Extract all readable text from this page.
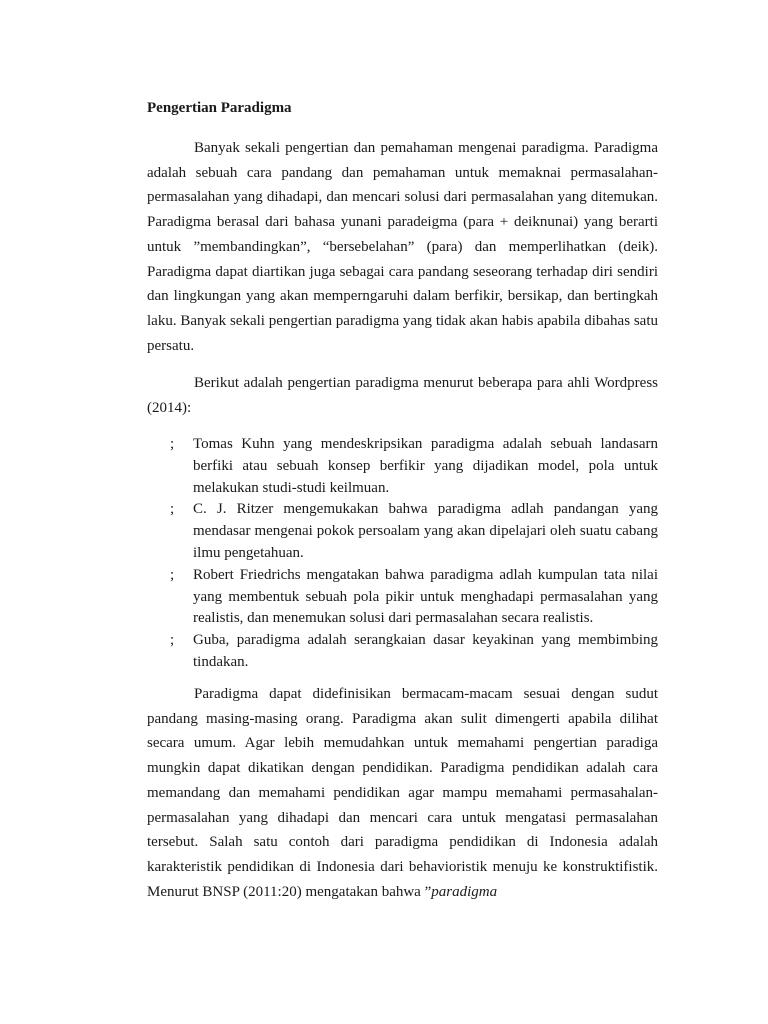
Pengertian Paradigma

Banyak sekali pengertian dan pemahaman mengenai paradigma. Paradigma adalah sebuah cara pandang dan pemahaman untuk memaknai permasalahan-permasalahan yang dihadapi, dan mencari solusi dari permasalahan yang ditemukan. Paradigma berasal dari bahasa yunani paradeigma (para + deiknunai) yang berarti untuk ”membandingkan”, “bersebelahan” (para) dan memperlihatkan (deik). Paradigma dapat diartikan juga sebagai cara pandang seseorang terhadap diri sendiri dan lingkungan yang akan memperngaruhi dalam berfikir, bersikap, dan bertingkah laku. Banyak sekali pengertian paradigma yang tidak akan habis apabila dibahas satu persatu.

Berikut adalah pengertian paradigma menurut beberapa para ahli Wordpress (2014):

; Tomas Kuhn yang mendeskripsikan paradigma adalah sebuah landasarn berfiki atau sebuah konsep berfikir yang dijadikan model, pola untuk melakukan studi-studi keilmuan.
; C. J. Ritzer mengemukakan bahwa paradigma adlah pandangan yang mendasar mengenai pokok persoalam yang akan dipelajari oleh suatu cabang ilmu pengetahuan.
; Robert Friedrichs mengatakan bahwa paradigma adlah kumpulan tata nilai yang membentuk sebuah pola pikir untuk menghadapi permasalahan yang realistis, dan menemukan solusi dari permasalahan secara realistis.
; Guba, paradigma adalah serangkaian dasar keyakinan yang membimbing tindakan.

Paradigma dapat didefinisikan bermacam-macam sesuai dengan sudut pandang masing-masing orang. Paradigma akan sulit dimengerti apabila dilihat secara umum. Agar lebih memudahkan untuk memahami pengertian paradiga mungkin dapat dikatikan dengan pendidikan. Paradigma pendidikan adalah cara memandang dan memahami pendidikan agar mampu memahami permasahalan-permasalahan yang dihadapi dan mencari cara untuk mengatasi permasalahan tersebut. Salah satu contoh dari paradigma pendidikan di Indonesia adalah karakteristik pendidikan di Indonesia dari behavioristik menuju ke konstruktifistik. Menurut BNSP (2011:20) mengatakan bahwa ”paradigma
